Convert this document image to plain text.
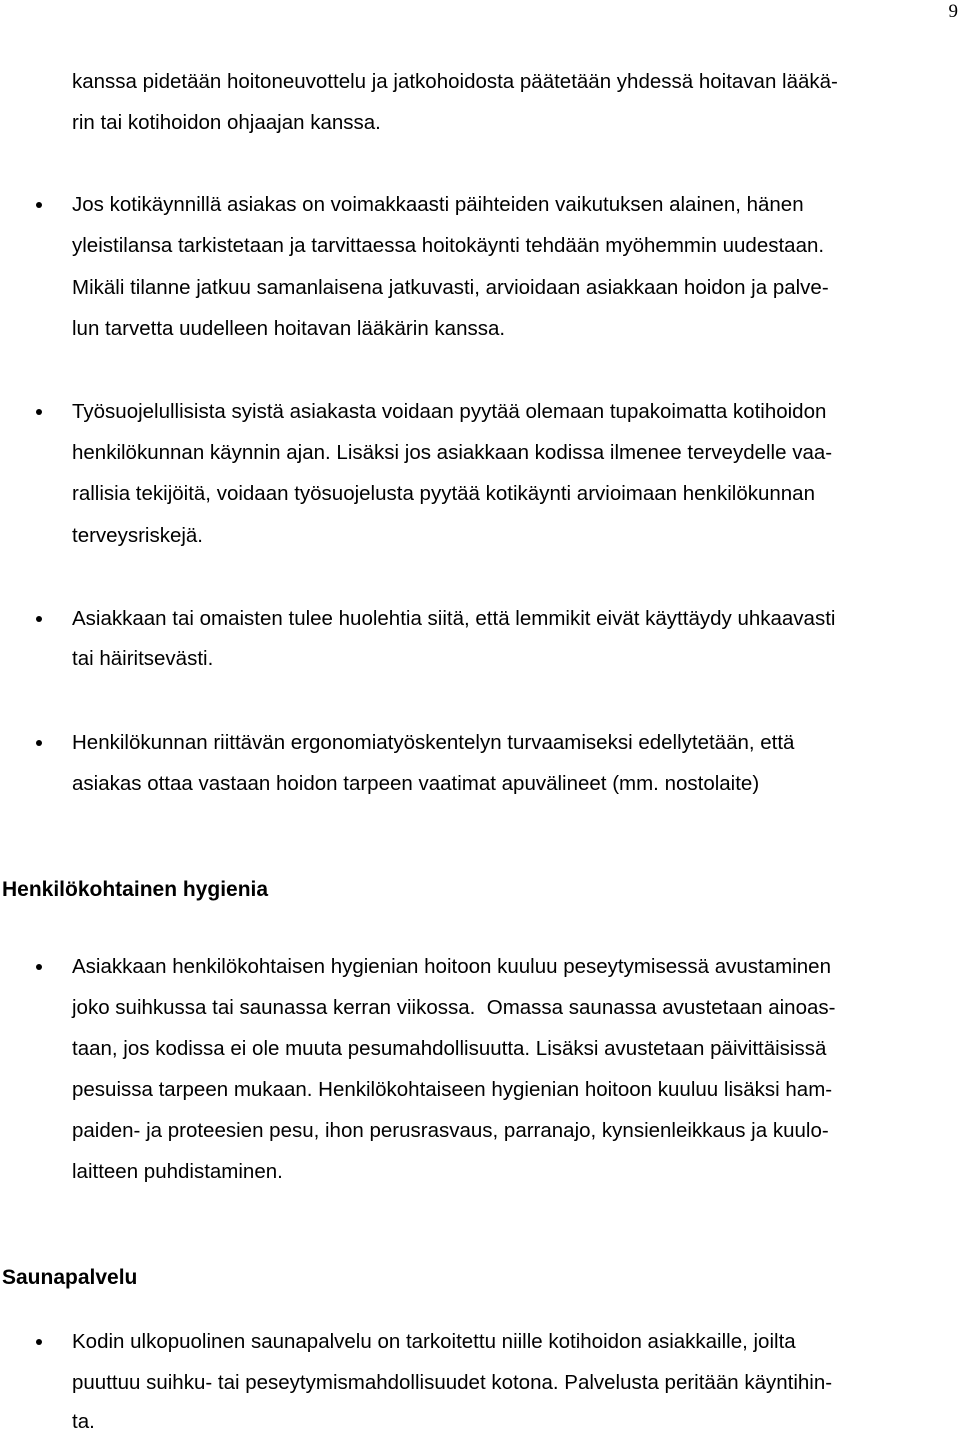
9
kanssa pidetään hoitoneuvottelu ja jatkohoidosta päätetään yhdessä hoitavan lääkä-
rin tai kotihoidon ohjaajan kanssa.
Jos kotikäynnillä asiakas on voimakkaasti päihteiden vaikutuksen alainen, hänen
yleistilansa tarkistetaan ja tarvittaessa hoitokäynti tehdään myöhemmin uudestaan.
Mikäli tilanne jatkuu samanlaisena jatkuvasti, arvioidaan asiakkaan hoidon ja palve-
lun tarvetta uudelleen hoitavan lääkärin kanssa.
Työsuojelullisista syistä asiakasta voidaan pyytää olemaan tupakoimatta kotihoidon
henkilökunnan käynnin ajan. Lisäksi jos asiakkaan kodissa ilmenee terveydelle vaa-
rallisia tekijöitä, voidaan työsuojelusta pyytää kotikäynti arvioimaan henkilökunnan
terveysriskejä.
Asiakkaan tai omaisten tulee huolehtia siitä, että lemmikit eivät käyttäydy uhkaavasti
tai häiritsevästi.
Henkilökunnan riittävän ergonomiatyöskentelyn turvaamiseksi edellytetään, että
asiakas ottaa vastaan hoidon tarpeen vaatimat apuvälineet (mm. nostolaite)
Henkilökohtainen hygienia
Asiakkaan henkilökohtaisen hygienian hoitoon kuuluu peseytymisessä avustaminen
joko suihkussa tai saunassa kerran viikossa.  Omassa saunassa avustetaan ainoas-
taan, jos kodissa ei ole muuta pesumahdollisuutta. Lisäksi avustetaan päivittäisissä
pesuissa tarpeen mukaan. Henkilökohtaiseen hygienian hoitoon kuuluu lisäksi ham-
paiden- ja proteesien pesu, ihon perusrasvaus, parranajo, kynsienleikkaus ja kuulo-
laitteen puhdistaminen.
Saunapalvelu
Kodin ulkopuolinen saunapalvelu on tarkoitettu niille kotihoidon asiakkaille, joilta
puuttuu suihku- tai peseytymismahdollisuudet kotona. Palvelusta peritään käyntihin-
ta.
